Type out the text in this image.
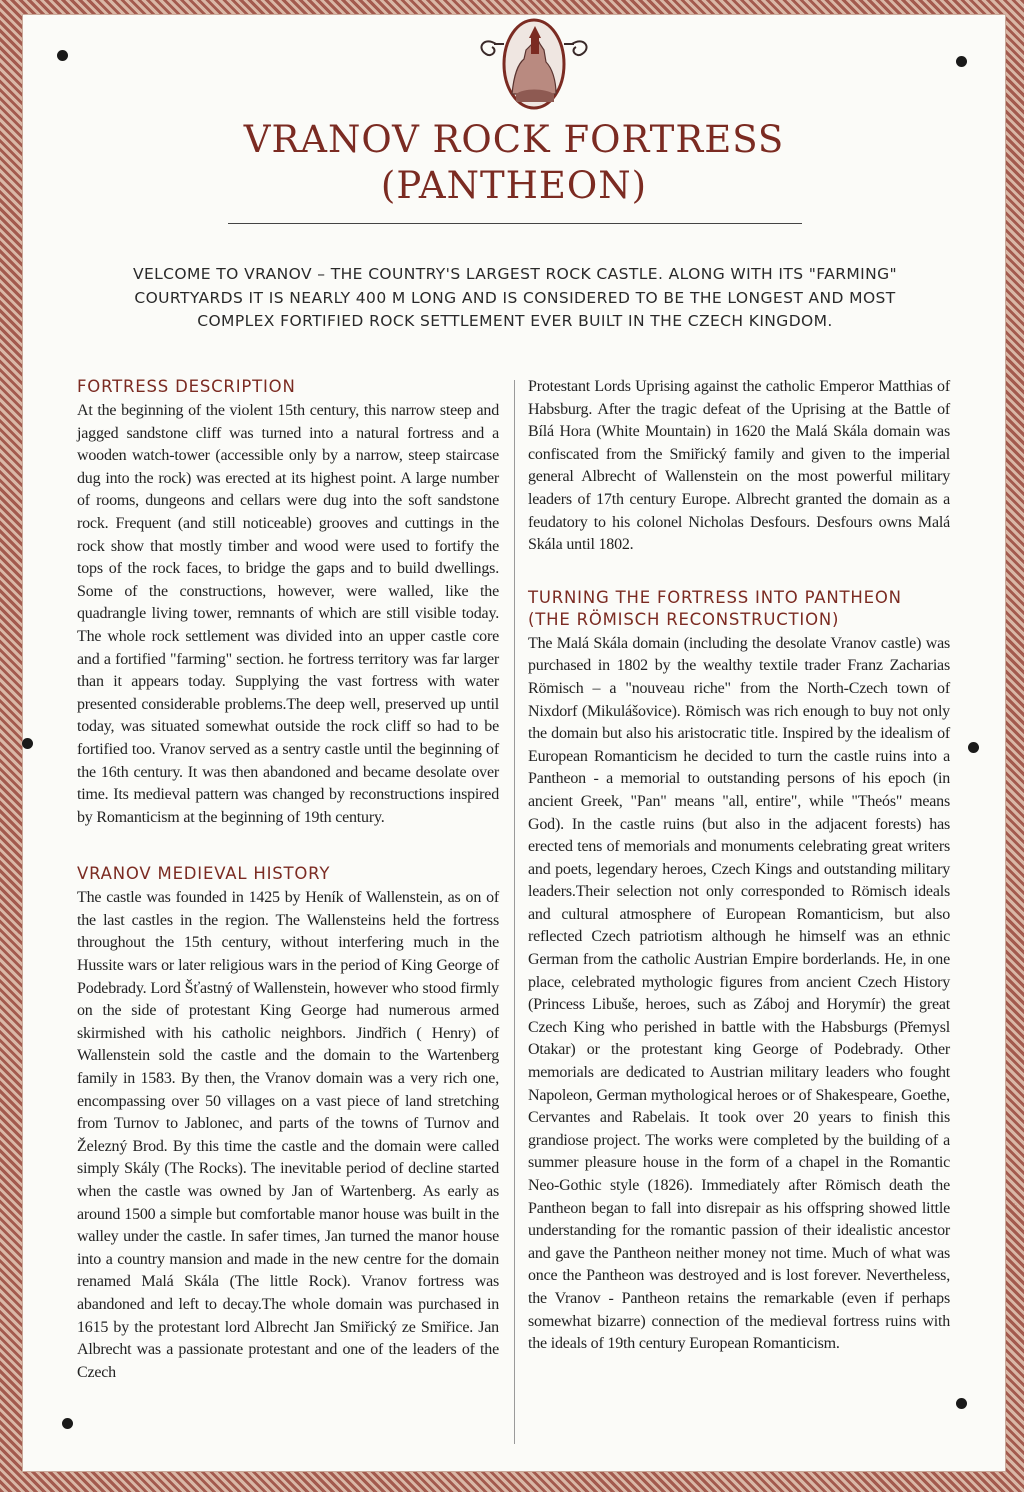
VRANOV ROCK FORTRESS
(PANTHEON)
VELCOME TO VRANOV – THE COUNTRY'S LARGEST ROCK CASTLE. ALONG WITH ITS "FARMING" COURTYARDS IT IS NEARLY 400 M LONG AND IS CONSIDERED TO BE THE LONGEST AND MOST COMPLEX FORTIFIED ROCK SETTLEMENT EVER BUILT IN THE CZECH KINGDOM.
FORTRESS DESCRIPTION

At the beginning of the violent 15th century, this narrow steep and jagged sandstone cliff was turned into a natural fortress and a wooden watch-tower (accessible only by a narrow, steep staircase dug into the rock) was erected at its highest point. A large number of rooms, dungeons and cellars were dug into the soft sandstone rock. Frequent (and still noticeable) grooves and cuttings in the rock show that mostly timber and wood were used to fortify the tops of the rock faces, to bridge the gaps and to build dwellings. Some of the constructions, however, were walled, like the quadrangle living tower, remnants of which are still visible today. The whole rock settlement was divided into an upper castle core and a fortified "farming" section. he fortress territory was far larger than it appears today. Supplying the vast fortress with water presented considerable problems.The deep well, preserved up until today, was situated somewhat outside the rock cliff so had to be fortified too. Vranov served as a sentry castle until the beginning of the 16th century. It was then abandoned and became desolate over time. Its medieval pattern was changed by reconstructions inspired by Romanticism at the beginning of 19th century.

VRANOV MEDIEVAL HISTORY

The castle was founded in 1425 by Heník of Wallenstein, as on of the last castles in the region. The Wallensteins held the fortress throughout the 15th century, without interfering much in the Hussite wars or later religious wars in the period of King George of Podebrady. Lord Šťastný of Wallenstein, however who stood firmly on the side of protestant King George had numerous armed skirmished with his catholic neighbors. Jindřich ( Henry) of Wallenstein sold the castle and the domain to the Wartenberg family in 1583. By then, the Vranov domain was a very rich one, encompassing over 50 villages on a vast piece of land stretching from Turnov to Jablonec, and parts of the towns of Turnov and Železný Brod. By this time the castle and the domain were called simply Skály (The Rocks). The inevitable period of decline started when the castle was owned by Jan of Wartenberg. As early as around 1500 a simple but comfortable manor house was built in the walley under the castle. In safer times, Jan turned the manor house into a country mansion and made in the new centre for the domain renamed Malá Skála (The little Rock). Vranov fortress was abandoned and left to decay.The whole domain was purchased in 1615 by the protestant lord Albrecht Jan Smiřický ze Smiřice. Jan Albrecht was a passionate protestant and one of the leaders of the Czech

Protestant Lords Uprising against the catholic Emperor Matthias of Habsburg. After the tragic defeat of the Uprising at the Battle of Bílá Hora (White Mountain) in 1620 the Malá Skála domain was confiscated from the Smiřický family and given to the imperial general Albrecht of Wallenstein on the most powerful military leaders of 17th century Europe. Albrecht granted the domain as a feudatory to his colonel Nicholas Desfours. Desfours owns Malá Skála until 1802.

TURNING THE FORTRESS INTO PANTHEON (THE RÖMISCH RECONSTRUCTION)

The Malá Skála domain (including the desolate Vranov castle) was purchased in 1802 by the wealthy textile trader Franz Zacharias Römisch – a "nouveau riche" from the North-Czech town of Nixdorf (Mikulášovice). Römisch was rich enough to buy not only the domain but also his aristocratic title. Inspired by the idealism of European Romanticism he decided to turn the castle ruins into a Pantheon - a memorial to outstanding persons of his epoch (in ancient Greek, "Pan" means "all, entire", while "Theós" means God). In the castle ruins (but also in the adjacent forests) has erected tens of memorials and monuments celebrating great writers and poets, legendary heroes, Czech Kings and outstanding military leaders.Their selection not only corresponded to Römisch ideals and cultural atmosphere of European Romanticism, but also reflected Czech patriotism although he himself was an ethnic German from the catholic Austrian Empire borderlands. He, in one place, celebrated mythologic figures from ancient Czech History (Princess Libuše, heroes, such as Záboj and Horymír) the great Czech King who perished in battle with the Habsburgs (Přemysl Otakar) or the protestant king George of Podebrady. Other memorials are dedicated to Austrian military leaders who fought Napoleon, German mythological heroes or of Shakespeare, Goethe, Cervantes and Rabelais. It took over 20 years to finish this grandiose project. The works were completed by the building of a summer pleasure house in the form of a chapel in the Romantic Neo-Gothic style (1826). Immediately after Römisch death the Pantheon began to fall into disrepair as his offspring showed little understanding for the romantic passion of their idealistic ancestor and gave the Pantheon neither money not time. Much of what was once the Pantheon was destroyed and is lost forever. Nevertheless, the Vranov - Pantheon retains the remarkable (even if perhaps somewhat bizarre) connection of the medieval fortress ruins with the ideals of 19th century European Romanticism.
